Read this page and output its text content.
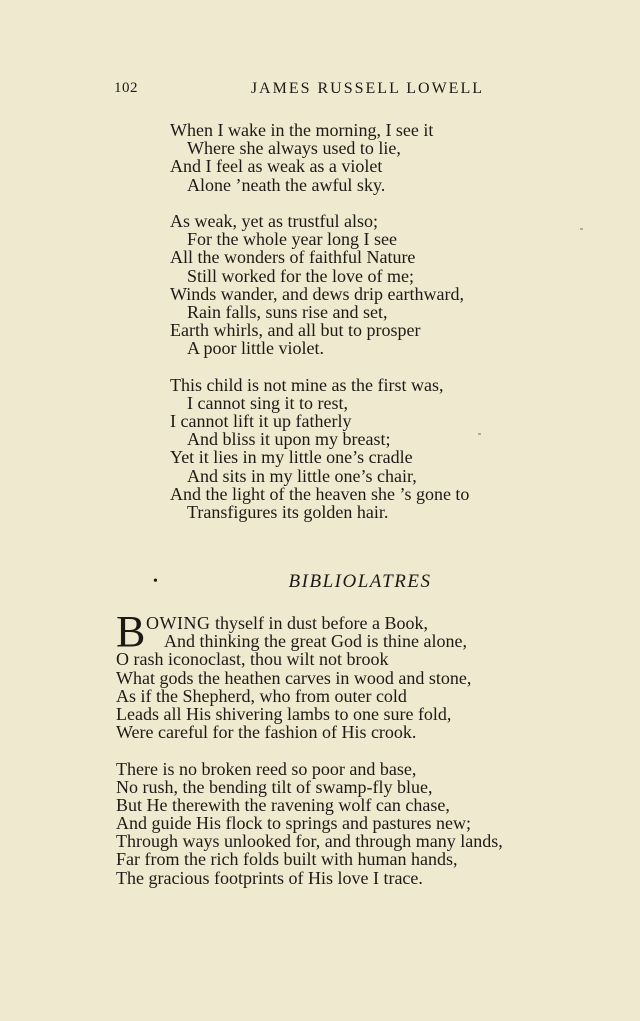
102	JAMES RUSSELL LOWELL
When I wake in the morning, I see it
Where she always used to lie,
And I feel as weak as a violet
Alone ’neath the awful sky.
As weak, yet as trustful also;
For the whole year long I see
All the wonders of faithful Nature
Still worked for the love of me;
Winds wander, and dews drip earthward,
Rain falls, suns rise and set,
Earth whirls, and all but to prosper
A poor little violet.
This child is not mine as the first was,
I cannot sing it to rest,
I cannot lift it up fatherly
And bliss it upon my breast;
Yet it lies in my little one’s cradle
And sits in my little one’s chair,
And the light of the heaven she ’s gone to
Transfigures its golden hair.
•	BIBLIOLATRES
B OWING thyself in dust before a Book,
And thinking the great God is thine alone,
O rash iconoclast, thou wilt not brook
What gods the heathen carves in wood and stone,
As if the Shepherd, who from outer cold
Leads all His shivering lambs to one sure fold,
Were careful for the fashion of His crook.
There is no broken reed so poor and base,
No rush, the bending tilt of swamp-fly blue,
But He therewith the ravening wolf can chase,
And guide His flock to springs and pastures new;
Through ways unlooked for, and through many lands,
Far from the rich folds built with human hands,
The gracious footprints of His love I trace.
